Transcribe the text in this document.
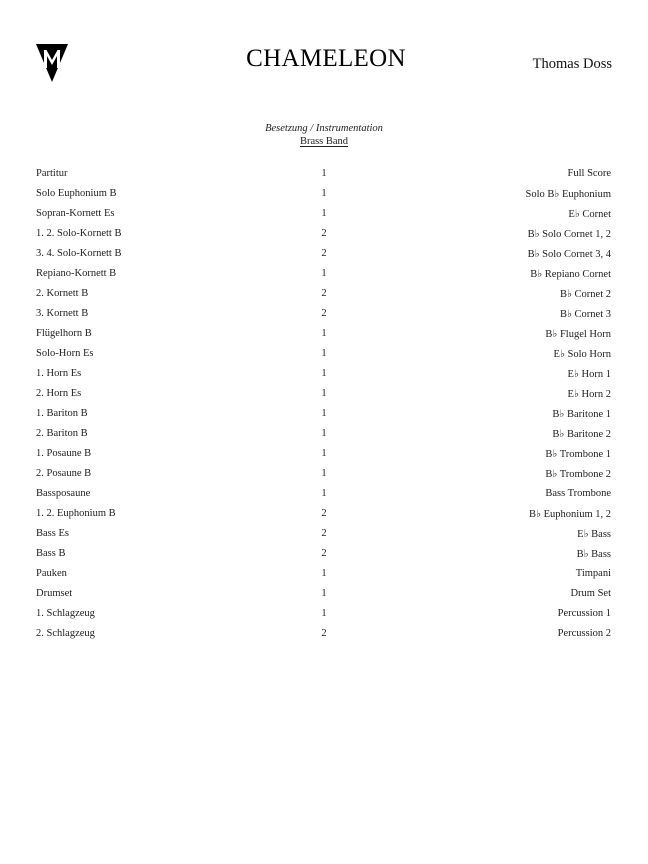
CHAMELEON	Thomas Doss
Besetzung / Instrumentation
Brass Band
Partitur	1	Full Score
Solo Euphonium B	1	Solo B♭ Euphonium
Sopran-Kornett Es	1	E♭ Cornet
1. 2. Solo-Kornett B	2	B♭ Solo Cornet 1, 2
3. 4. Solo-Kornett B	2	B♭ Solo Cornet 3, 4
Repiano-Kornett B	1	B♭ Repiano Cornet
2. Kornett B	2	B♭ Cornet 2
3. Kornett B	2	B♭ Cornet 3
Flügelhorn B	1	B♭ Flugel Horn
Solo-Horn Es	1	E♭ Solo Horn
1. Horn Es	1	E♭ Horn 1
2. Horn Es	1	E♭ Horn 2
1. Bariton B	1	B♭ Baritone 1
2. Bariton B	1	B♭ Baritone 2
1. Posaune B	1	B♭ Trombone 1
2. Posaune B	1	B♭ Trombone 2
Bassposaune	1	Bass Trombone
1. 2. Euphonium B	2	B♭ Euphonium 1, 2
Bass Es	2	E♭ Bass
Bass B	2	B♭ Bass
Pauken	1	Timpani
Drumset	1	Drum Set
1. Schlagzeug	1	Percussion 1
2. Schlagzeug	2	Percussion 2
